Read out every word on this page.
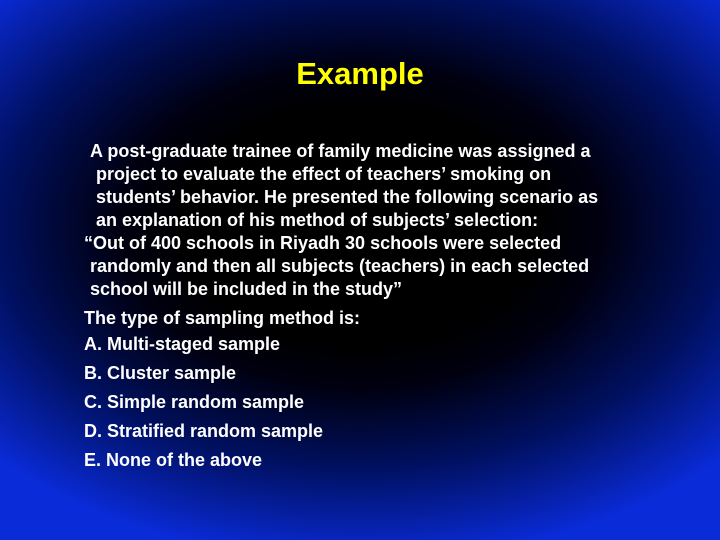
Example
A post-graduate trainee of family medicine was assigned a
project to evaluate the effect of teachers’ smoking on
students’ behavior. He presented the following scenario as
an explanation of his method of subjects’ selection:
“Out of 400 schools in Riyadh 30 schools were selected
randomly and then all subjects (teachers) in each selected
school will be included in the study”
The type of sampling method is:
A. Multi-staged sample
B. Cluster sample
C. Simple random sample
D. Stratified random sample
E. None of the above
